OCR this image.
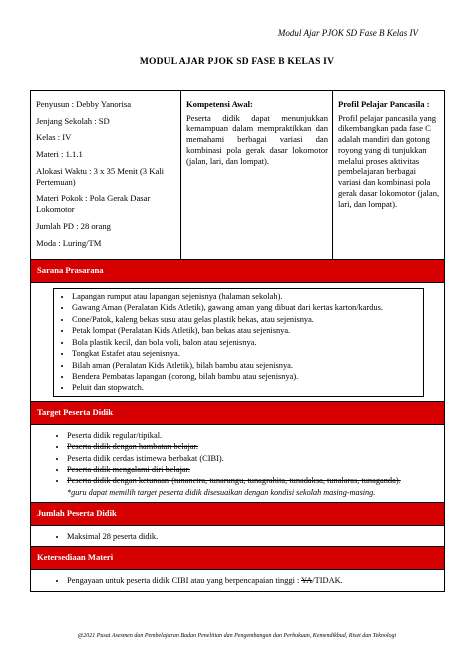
Modul Ajar PJOK SD Fase B Kelas IV
MODUL AJAR PJOK SD FASE B KELAS IV

Penyusun : Debby Yanorisa

Jenjang Sekolah : SD

Kelas : IV

Materi : 1.1.1

Alokasi Waktu : 3 x 35 Menit (3 Kali Pertemuan)

Materi Pokok : Pola Gerak Dasar Lokomotor

Jumlah PD : 28 orang

Moda : Luring/TM

Kompetensi Awal:
Peserta didik dapat menunjukkan kemampuan dalam mempraktikkan dan memahami berbagai variasi dan kombinasi pola gerak dasar lokomotor (jalan, lari, dan lompat).
Profil Pelajar Pancasila :
Profil pelajar pancasila yang dikembangkan pada fase C adalah mandiri dan gotong royong yang di tunjukkan melalui proses aktivitas pembelajaran berbagai variasi dan kombinasi pola gerak dasar lokomotor (jalan, lari, dan lompat).
Sarana Prasarana
• Lapangan rumput atau lapangan sejenisnya (halaman sekolah).
• Gawang Aman (Peralatan Kids Atletik), gawang aman yang dibuat dari kertas karton/kardus.
• Cone/Patok, kaleng bekas susu atau gelas plastik bekas, atau sejenisnya.
• Petak lompat (Peralatan Kids Atletik), ban bekas atau sejenisnya.
• Bola plastik kecil, dan bola voli, balon atau sejenisnya.
• Tongkat Estafet atau sejenisnya.
• Bilah aman (Peralatan Kids Atletik), bilah bambu atau sejenisnya.
• Bendera Pembatas lapangan (corong, bilah bambu atau sejenisnya).
• Peluit dan stopwatch.
Target Peserta Didik
• Peserta didik regular/tipikal.
• Peserta didik dengan hambatan belajar.
• Peserta didik cerdas istimewa berbakat (CIBI).
• Peserta didik mengalami diri belajar.
• Peserta didik dengan ketunaan (tunanetra, tunarungu, tunagrahita, tunadaksa, tunalaras, tunaganda).
*guru dapat memilih target peserta didik disesuaikan dengan kondisi sekolah masing-masing.
Jumlah Peserta Didik
• Maksimal 28 peserta didik.
Ketersediaan Materi
• Pengayaan untuk peserta didik CIBI atau yang berpencapaian tinggi : YA/TIDAK.
@2021 Pusat Asesmen dan Pembelajaran Badan Penelitian dan Pengembangan dan Perbukuan, Kemendikbud, Riset dan Teknologi
